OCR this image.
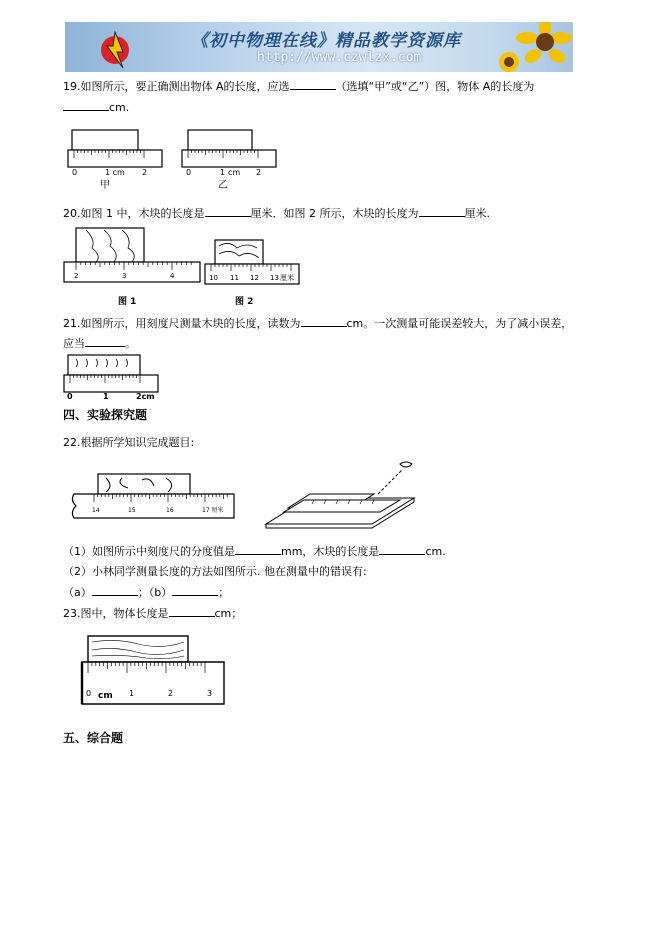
《初中物理在线》精品教学资源库
http://www.czwlzx.com
19.如图所示，要正确测出物体 A的长度，应选	（选填“甲”或“乙”）图，物体 A的长度为
cm.
0	1 cm 2
甲
0	1 cm 2
乙
20.如图 1 中，木块的长度是	厘米．如图 2 所示，木块的长度为	厘米.
2	3	4
图 1
10 11 12 13 厘米
图 2
21.如图所示，用刻度尺测量木块的长度，读数为	cm。一次测量可能误差较大，为了减小误差，
应当	。
0	1	2cm
四、实验探究题
22.根据所学知识完成题目:
14	15	16	17 厘米
（1）如图所示中刻度尺的分度值是	mm，木块的长度是	cm.
（2）小林同学测量长度的方法如图所示. 他在测量中的错误有:
（a）	；（b）	；
23.图中，物体长度是	cm；
0 cm 1	2	3
五、综合题
